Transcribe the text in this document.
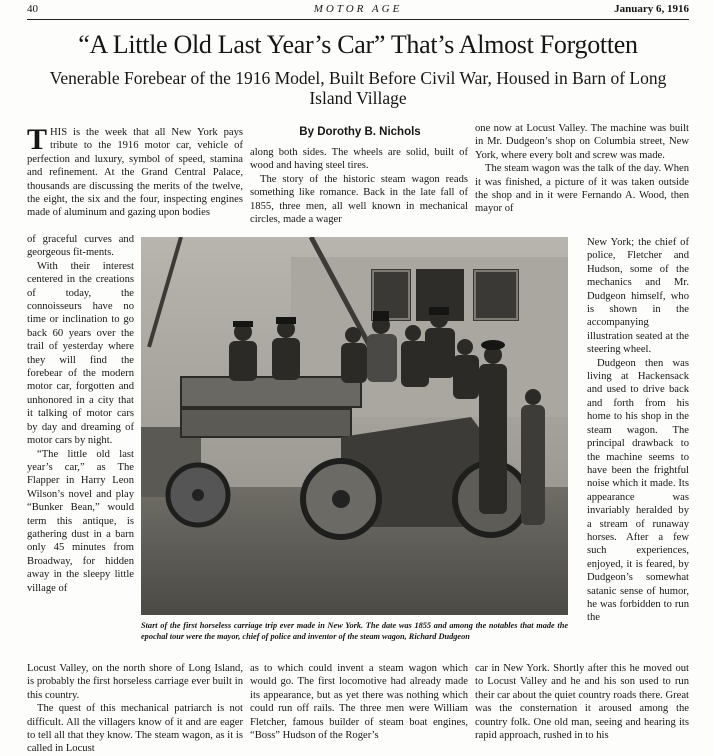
40	MOTOR AGE	January 6, 1916
“A Little Old Last Year’s Car” That’s Almost Forgotten

Venerable Forebear of the 1916 Model, Built Before Civil War, Housed in Barn of Long Island Village

By Dorothy B. Nichols

THIS is the week that all New York pays tribute to the 1916 motor car, vehicle of perfection and luxury, symbol of speed, stamina and refinement. At the Grand Central Palace, thousands are discussing the merits of the twelve, the eight, the six and the four, inspecting engines made of aluminum and gazing upon bodies

of graceful curves and georgeous fit-ments.

With their interest centered in the creations of today, the connoisseurs have no time or inclination to go back 60 years over the trail of yesterday where they will find the forebear of the modern motor car, forgotten and unhonored in a city that it talking of motor cars by day and dreaming of motor cars by night.

“The little old last year’s car,” as The Flapper in Harry Leon Wilson’s novel and play “Bunker Bean,” would term this antique, is gathering dust in a barn only 45 minutes from Broadway, for hidden away in the sleepy little village of

Locust Valley, on the north shore of Long Island, is probably the first horseless carriage ever built in this country.

The quest of this mechanical patriarch is not difficult. All the villagers know of it and are eager to tell all that they know. The steam wagon, as it is called in Locust

along both sides. The wheels are solid, built of wood and having steel tires.

The story of the historic steam wagon reads something like romance. Back in the late fall of 1855, three men, all well known in mechanical circles, made a wager

as to which could invent a steam wagon which would go. The first locomotive had already made its appearance, but as yet there was nothing which could run off rails. The three men were William Fletcher, famous builder of steam boat engines, “Boss” Hudson of the Roger’s

one now at Locust Valley. The machine was built in Mr. Dudgeon’s shop on Columbia street, New York, where every bolt and screw was made.

The steam wagon was the talk of the day. When it was finished, a picture of it was taken outside the shop and in it were Fernando A. Wood, then mayor of

New York; the chief of police, Fletcher and Hudson, some of the mechanics and Mr. Dudgeon himself, who is shown in the accompanying illustration seated at the steering wheel.

Dudgeon then was living at Hackensack and used to drive back and forth from his home to his shop in the steam wagon. The principal drawback to the machine seems to have been the frightful noise which it made. Its appearance was invariably heralded by a stream of runaway horses. After a few such experiences, enjoyed, it is feared, by Dudgeon’s somewhat satanic sense of humor, he was forbidden to run the

car in New York. Shortly after this he moved out to Locust Valley and he and his son used to run their car about the quiet country roads there. Great was the consternation it aroused among the country folk. One old man, seeing and hearing its rapid approach, rushed in to his

Start of the first horseless carriage trip ever made in New York. The date was 1855 and among the notables that made the epochal tour were the mayor, chief of police and inventor of the steam wagon, Richard Dudgeon
